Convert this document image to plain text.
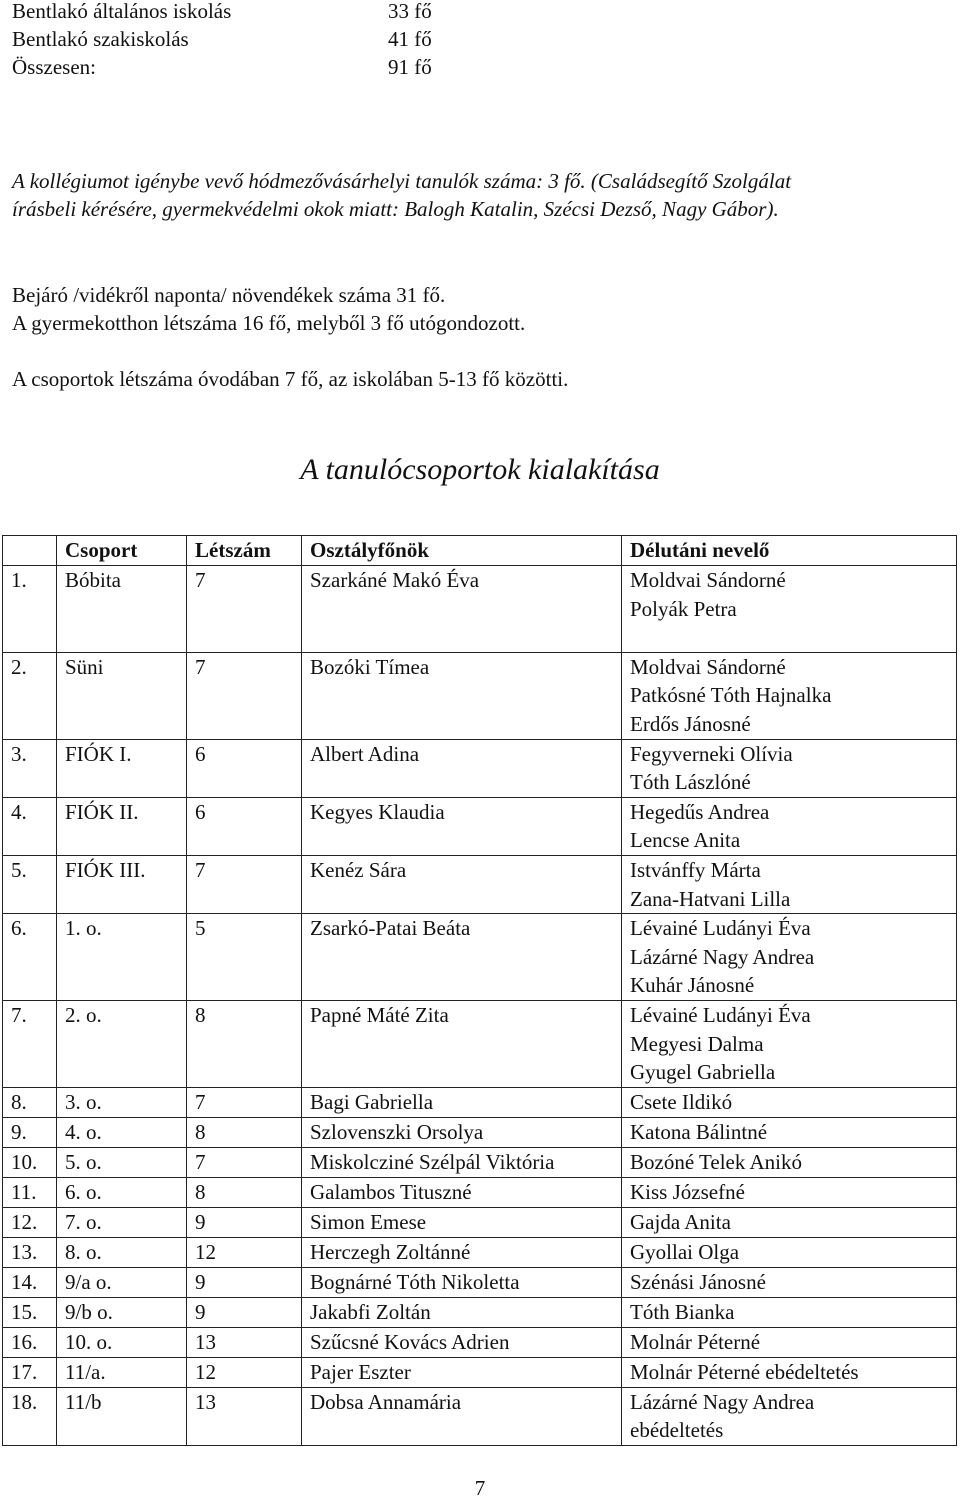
Bentlakó általános iskolás	33 fő
Bentlakó szakiskolás	41 fő
Összesen:	91 fő
A kollégiumot igénybe vevő hódmezővásárhelyi tanulók száma: 3 fő. (Családsegítő Szolgálat
írásbeli kérésére, gyermekvédelmi okok miatt: Balogh Katalin, Szécsi Dezső, Nagy Gábor).
Bejáró /vidékről naponta/ növendékek száma 31 fő.
A gyermekotthon létszáma 16 fő, melyből 3 fő utógondozott.
A csoportok létszáma óvodában 7 fő, az iskolában 5-13 fő közötti.
A tanulócsoportok kialakítása
	Csoport	Létszám	Osztályfőnök	Délutáni nevelő
1.	Bóbita	7	Szarkáné Makó Éva	Moldvai Sándorné
Polyák Petra

2.	Süni	7	Bozóki Tímea	Moldvai Sándorné
Patkósné Tóth Hajnalka
Erdős Jánosné

3.	FIÓK I.	6	Albert Adina	Fegyverneki Olívia
Tóth Lászlóné

4.	FIÓK II.	6	Kegyes Klaudia	Hegedűs Andrea
Lencse Anita

5.	FIÓK III.	7	Kenéz Sára	Istvánffy Márta
Zana-Hatvani Lilla

6.	1. o.	5	Zsarkó-Patai Beáta	Lévainé Ludányi Éva
Lázárné Nagy Andrea
Kuhár Jánosné

7.	2. o.	8	Papné Máté Zita	Lévainé Ludányi Éva
Megyesi Dalma
Gyugel Gabriella

8.	3. o.	7	Bagi Gabriella	Csete Ildikó

9.	4. o.	8	Szlovenszki Orsolya	Katona Bálintné

10.	5. o.	7	Miskolcziné Szélpál Viktória	Bozóné Telek Anikó

11.	6. o.	8	Galambos Tituszné	Kiss Józsefné

12.	7. o.	9	Simon Emese	Gajda Anita

13.	8. o.	12	Herczegh Zoltánné	Gyollai Olga

14.	9/a o.	9	Bognárné Tóth Nikoletta	Szénási Jánosné

15.	9/b o.	9	Jakabfi Zoltán	Tóth Bianka

16.	10. o.	13	Szűcsné Kovács Adrien	Molnár Péterné

17.	11/a.	12	Pajer Eszter	Molnár Péterné ebédeltetés

18.	11/b	13	Dobsa Annamária	Lázárné Nagy Andrea
ebédeltetés
7
